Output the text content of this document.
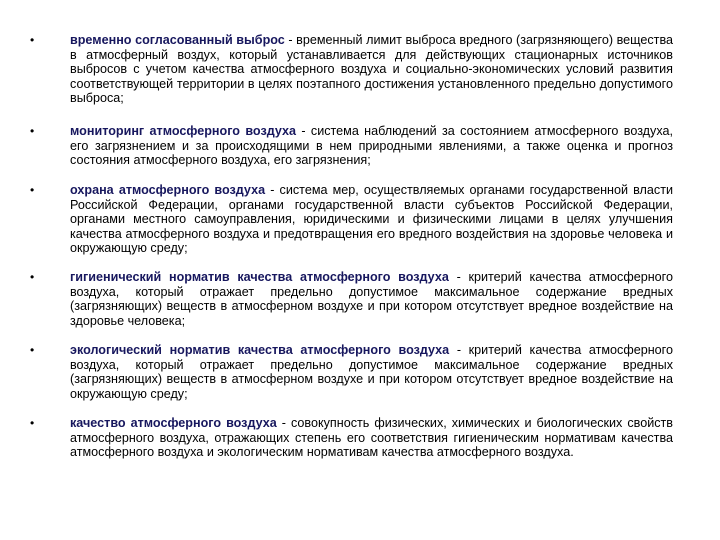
•	временно согласованный выброс - временный лимит выброса вредного (загрязняющего) вещества в атмосферный воздух, который устанавливается для действующих стационарных источников выбросов с учетом качества атмосферного воздуха и социально-экономических условий развития соответствующей территории в целях поэтапного достижения установленного предельно допустимого выброса;
•	мониторинг атмосферного воздуха - система наблюдений за состоянием атмосферного воздуха, его загрязнением и за происходящими в нем природными явлениями, а также оценка и прогноз состояния атмосферного воздуха, его загрязнения;
•	охрана атмосферного воздуха - система мер, осуществляемых органами государственной власти Российской Федерации, органами государственной власти субъектов Российской Федерации, органами местного самоуправления, юридическими и физическими лицами в целях улучшения качества атмосферного воздуха и предотвращения его вредного воздействия на здоровье человека и окружающую среду;
•	гигиенический норматив качества атмосферного воздуха - критерий качества атмосферного воздуха, который отражает предельно допустимое максимальное содержание вредных (загрязняющих) веществ в атмосферном воздухе и при котором отсутствует вредное воздействие на здоровье человека;
•	экологический норматив качества атмосферного воздуха - критерий качества атмосферного воздуха, который отражает предельно допустимое максимальное содержание вредных (загрязняющих) веществ в атмосферном воздухе и при котором отсутствует вредное воздействие на окружающую среду;
•	качество атмосферного воздуха - совокупность физических, химических и биологических свойств атмосферного воздуха, отражающих степень его соответствия гигиеническим нормативам качества атмосферного воздуха и экологическим нормативам качества атмосферного воздуха.
